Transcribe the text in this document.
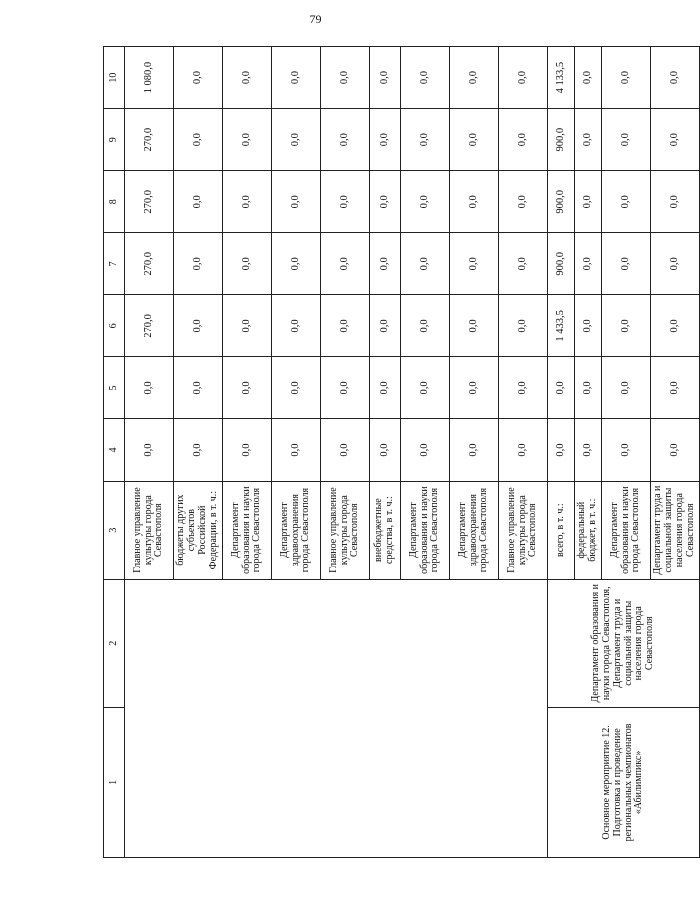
79
1	2	3	4	5	6	7	8	9	10
		Главное управление культуры города Севастополя	0,0	0,0	270,0	270,0	270,0	270,0	1 080,0
		бюджеты других субъектов Российской Федерации, в т. ч.:	0,0	0,0	0,0	0,0	0,0	0,0	0,0
		Департамент образования и науки города Севастополя	0,0	0,0	0,0	0,0	0,0	0,0	0,0
		Департамент здравоохранения города Севастополя	0,0	0,0	0,0	0,0	0,0	0,0	0,0
		Главное управление культуры города Севастополя	0,0	0,0	0,0	0,0	0,0	0,0	0,0
		внебюджетные средства, в т. ч.:	0,0	0,0	0,0	0,0	0,0	0,0	0,0
		Департамент образования и науки города Севастополя	0,0	0,0	0,0	0,0	0,0	0,0	0,0
		Департамент здравоохранения города Севастополя	0,0	0,0	0,0	0,0	0,0	0,0	0,0
		Главное управление культуры города Севастополя	0,0	0,0	0,0	0,0	0,0	0,0	0,0
Основное мероприятие 12. Подготовка и проведение региональных чемпионатов «Абилимпикс»	Департамент образования и науки города Севастополя, Департамент труда и социальной защиты населения города Севастополя	всего, в т. ч.:	0,0	0,0	1 433,5	900,0	900,0	900,0	4 133,5
		федеральный бюджет, в т. ч.:	0,0	0,0	0,0	0,0	0,0	0,0	0,0
		Департамент образования и науки города Севастополя	0,0	0,0	0,0	0,0	0,0	0,0	0,0
		Департамент труда и социальной защиты населения города Севастополя	0,0	0,0	0,0	0,0	0,0	0,0	0,0
